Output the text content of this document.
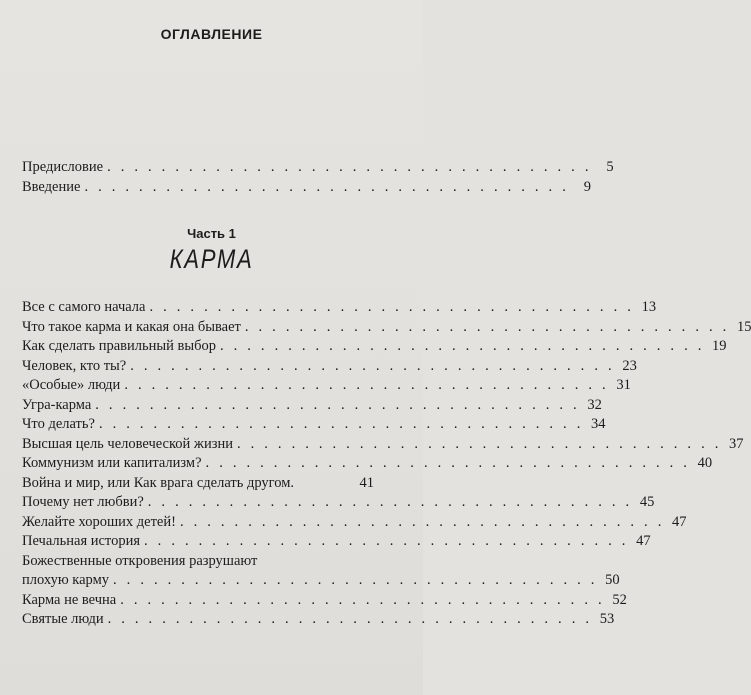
ОГЛАВЛЕНИЕ
Предисловие . . . . . . . . . . . . . . . . . . . . . . . . . . . . . . . . . . . .	5
Введение . . . . . . . . . . . . . . . . . . . . . . . . . . . . . . . . . . . .	9
Часть 1
КАРМА
Все с самого начала . . . . . . . . . . . . . . . . . . . . . . . . . . . . . . . . . . . . 13
Что такое карма и какая она бывает . . . . . . . . . . . . . . . . . . . . . . . . . . . . . . . . . . . . 15
Как сделать правильный выбор . . . . . . . . . . . . . . . . . . . . . . . . . . . . . . . . . . . . 19
Человек, кто ты? . . . . . . . . . . . . . . . . . . . . . . . . . . . . . . . . . . . . 23
«Особые» люди . . . . . . . . . . . . . . . . . . . . . . . . . . . . . . . . . . . . 31
Угра-карма . . . . . . . . . . . . . . . . . . . . . . . . . . . . . . . . . . . . 32
Что делать? . . . . . . . . . . . . . . . . . . . . . . . . . . . . . . . . . . . . 34
Высшая цель человеческой жизни . . . . . . . . . . . . . . . . . . . . . . . . . . . . . . . . . . . . 37
Коммунизм или капитализм? . . . . . . . . . . . . . . . . . . . . . . . . . . . . . . . . . . . . 40
Война и мир, или Как врага сделать другом.	41
Почему нет любви? . . . . . . . . . . . . . . . . . . . . . . . . . . . . . . . . . . . . 45
Желайте хороших детей! . . . . . . . . . . . . . . . . . . . . . . . . . . . . . . . . . . . . 47
Печальная история . . . . . . . . . . . . . . . . . . . . . . . . . . . . . . . . . . . . 47
Божественные откровения разрушают
плохую карму . . . . . . . . . . . . . . . . . . . . . . . . . . . . . . . . . . . . 50
Карма не вечна . . . . . . . . . . . . . . . . . . . . . . . . . . . . . . . . . . . . 52
Святые люди . . . . . . . . . . . . . . . . . . . . . . . . . . . . . . . . . . . . 53
